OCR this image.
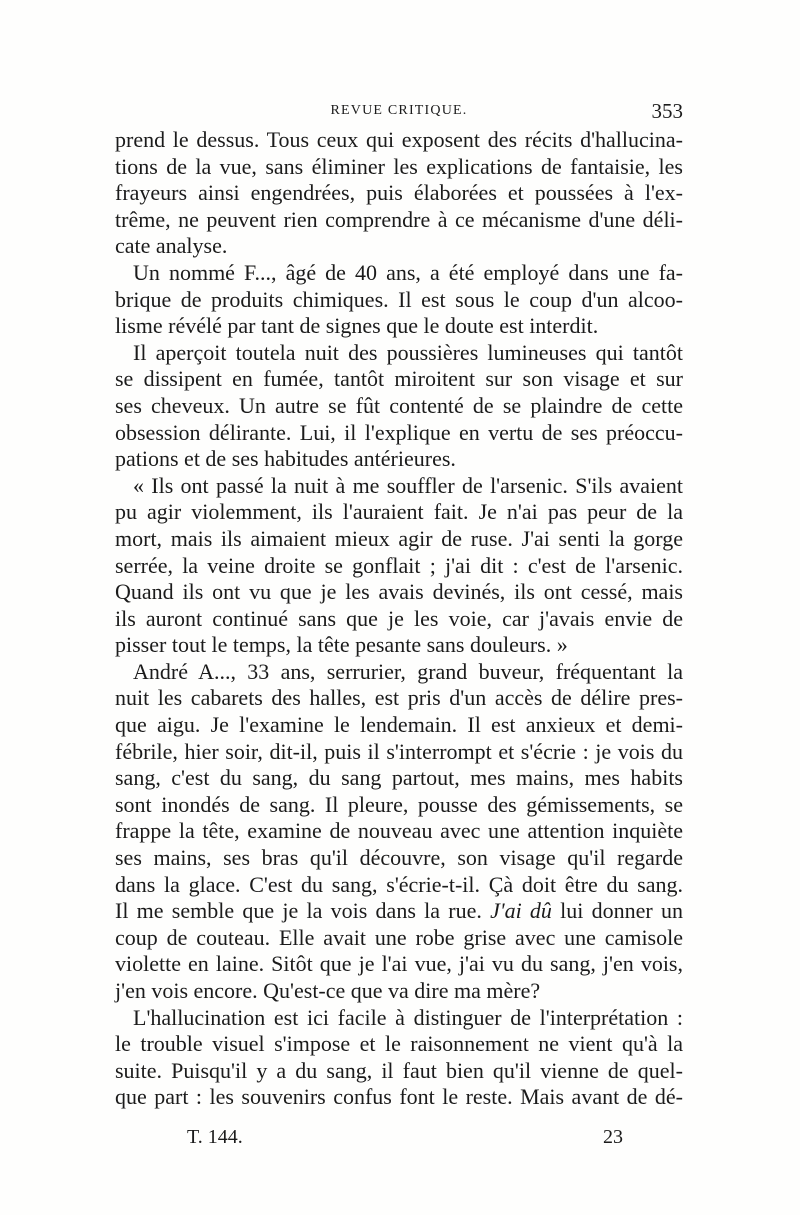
REVUE CRITIQUE.	353

prend le dessus. Tous ceux qui exposent des récits d'hallucina-
tions de la vue, sans éliminer les explications de fantaisie, les
frayeurs ainsi engendrées, puis élaborées et poussées à l'ex-
trême, ne peuvent rien comprendre à ce mécanisme d'une déli-
cate analyse.

Un nommé F..., âgé de 40 ans, a été employé dans une fa-
brique de produits chimiques. Il est sous le coup d'un alcoo-
lisme révélé par tant de signes que le doute est interdit.

Il aperçoit toutela nuit des poussières lumineuses qui tantôt
se dissipent en fumée, tantôt miroitent sur son visage et sur
ses cheveux. Un autre se fût contenté de se plaindre de cette
obsession délirante. Lui, il l'explique en vertu de ses préoccu-
pations et de ses habitudes antérieures.

« Ils ont passé la nuit à me souffler de l'arsenic. S'ils avaient
pu agir violemment, ils l'auraient fait. Je n'ai pas peur de la
mort, mais ils aimaient mieux agir de ruse. J'ai senti la gorge
serrée, la veine droite se gonflait ; j'ai dit : c'est de l'arsenic.
Quand ils ont vu que je les avais devinés, ils ont cessé, mais
ils auront continué sans que je les voie, car j'avais envie de
pisser tout le temps, la tête pesante sans douleurs. »

André A..., 33 ans, serrurier, grand buveur, fréquentant la
nuit les cabarets des halles, est pris d'un accès de délire pres-
que aigu. Je l'examine le lendemain. Il est anxieux et demi-
fébrile, hier soir, dit-il, puis il s'interrompt et s'écrie : je vois du
sang, c'est du sang, du sang partout, mes mains, mes habits
sont inondés de sang. Il pleure, pousse des gémissements, se
frappe la tête, examine de nouveau avec une attention inquiète
ses mains, ses bras qu'il découvre, son visage qu'il regarde
dans la glace. C'est du sang, s'écrie-t-il. Çà doit être du sang.
Il me semble que je la vois dans la rue. J'ai dû lui donner un
coup de couteau. Elle avait une robe grise avec une camisole
violette en laine. Sitôt que je l'ai vue, j'ai vu du sang, j'en vois,
j'en vois encore. Qu'est-ce que va dire ma mère?

L'hallucination est ici facile à distinguer de l'interprétation :
le trouble visuel s'impose et le raisonnement ne vient qu'à la
suite. Puisqu'il y a du sang, il faut bien qu'il vienne de quel-
que part : les souvenirs confus font le reste. Mais avant de dé-

T. 144.	23
